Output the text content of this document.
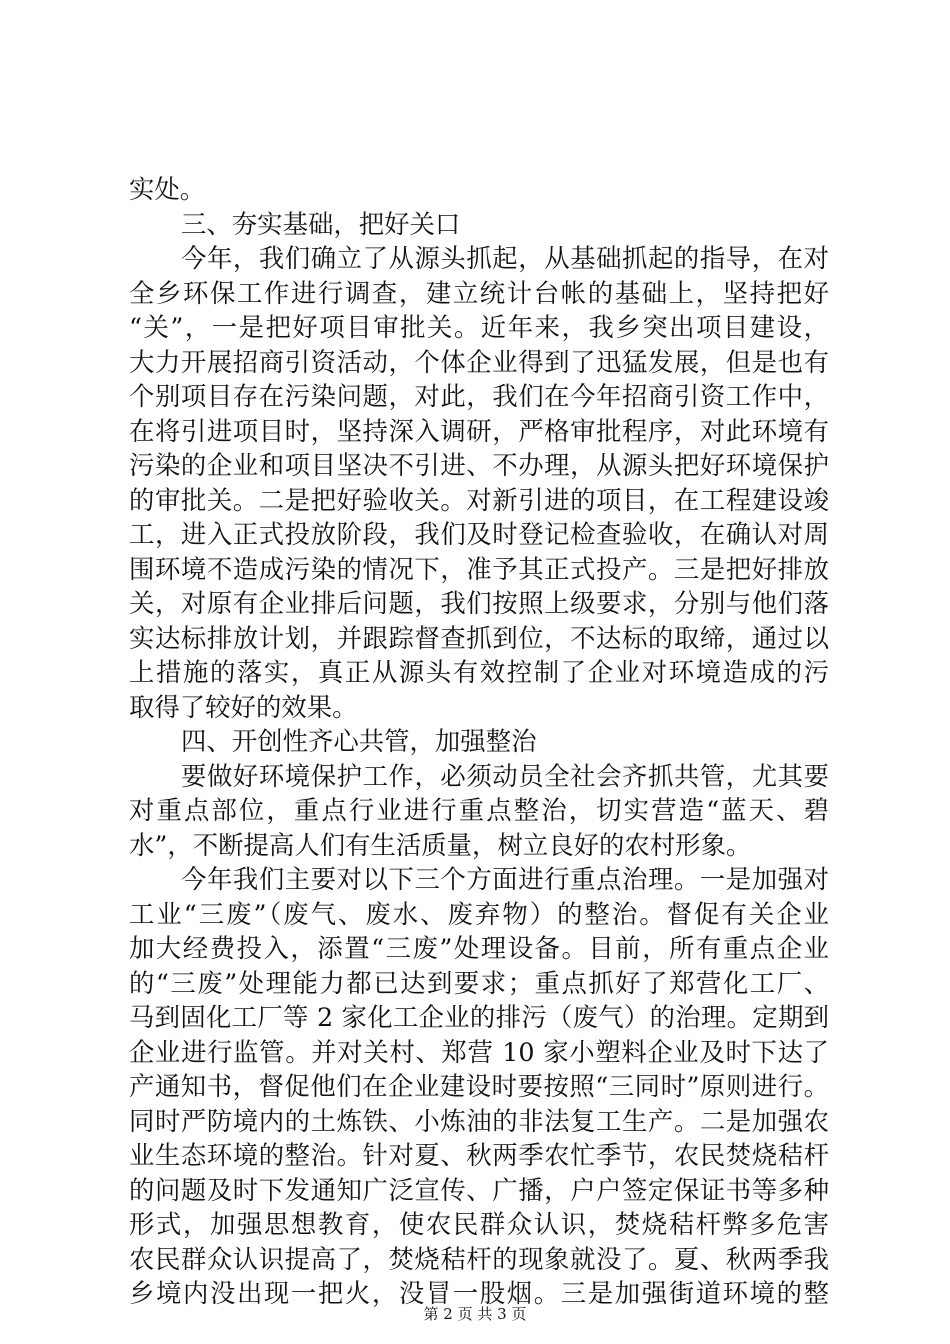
实处。
三、夯实基础，把好关口
今年，我们确立了从源头抓起，从基础抓起的指导，在对
全乡环保工作进行调查，建立统计台帐的基础上，坚持把好
“关”，一是把好项目审批关。近年来，我乡突出项目建设，
大力开展招商引资活动，个体企业得到了迅猛发展，但是也有
个别项目存在污染问题，对此，我们在今年招商引资工作中，
在将引进项目时，坚持深入调研，严格审批程序，对此环境有
污染的企业和项目坚决不引进、不办理，从源头把好环境保护
的审批关。二是把好验收关。对新引进的项目，在工程建设竣
工，进入正式投放阶段，我们及时登记检查验收，在确认对周
围环境不造成污染的情况下，准予其正式投产。三是把好排放
关，对原有企业排后问题，我们按照上级要求，分别与他们落
实达标排放计划，并跟踪督查抓到位，不达标的取缔，通过以
上措施的落实，真正从源头有效控制了企业对环境造成的污
取得了较好的效果。
四、开创性齐心共管，加强整治
要做好环境保护工作，必须动员全社会齐抓共管，尤其要
对重点部位，重点行业进行重点整治，切实营造“蓝天、碧
水”，不断提高人们有生活质量，树立良好的农村形象。
今年我们主要对以下三个方面进行重点治理。一是加强对
工业“三废”（废气、废水、废弃物）的整治。督促有关企业
加大经费投入，添置“三废”处理设备。目前，所有重点企业
的“三废”处理能力都已达到要求；重点抓好了郑营化工厂、
马到固化工厂等 2 家化工企业的排污（废气）的治理。定期到
企业进行监管。并对关村、郑营 10 家小塑料企业及时下达了
产通知书，督促他们在企业建设时要按照“三同时”原则进行。
同时严防境内的土炼铁、小炼油的非法复工生产。二是加强农
业生态环境的整治。针对夏、秋两季农忙季节，农民焚烧秸杆
的问题及时下发通知广泛宣传、广播，户户签定保证书等多种
形式，加强思想教育，使农民群众认识，焚烧秸杆弊多危害
农民群众认识提高了，焚烧秸杆的现象就没了。夏、秋两季我
乡境内没出现一把火，没冒一股烟。三是加强街道环境的整
第 2 页 共 3 页
